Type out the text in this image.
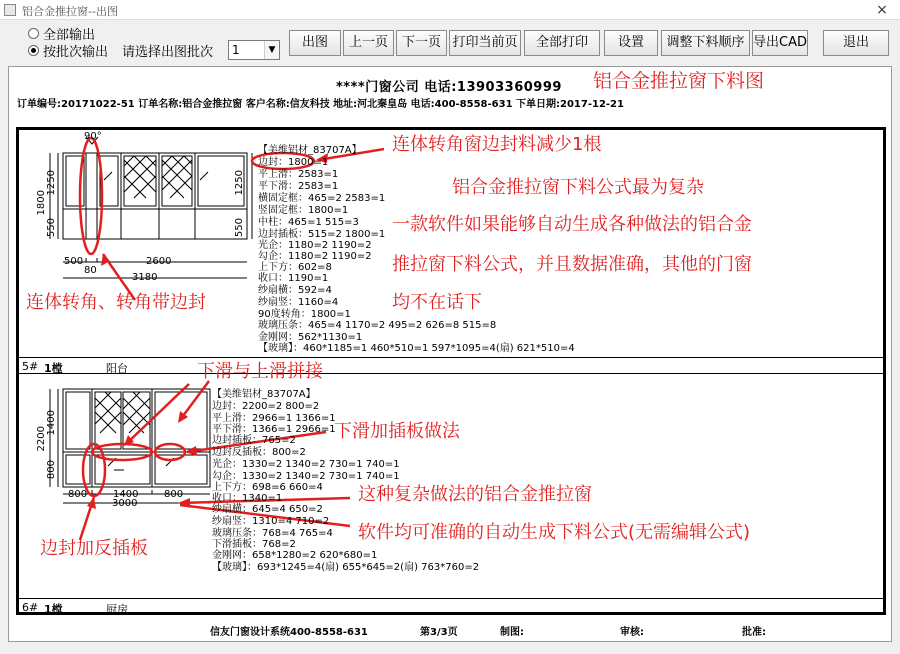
铝合金推拉窗--出图	×
全部输出
按批次输出 请选择出图批次	1	▼	出图	上一页	下一页 打印当前页	全部打印	设置	调整下料顺序 导出CAD	退出
****门窗公司 电话:13903360999 铝合金推拉窗下料图
订单编号:20171022-51 订单名称:铝合金推拉窗 客户名称:信友科技 地址:河北秦皇岛 电话:400-8558-631 下单日期:2017-12-21
5# 1樘	阳台
6# 1樘	厨房
90°
1800
1250
550
1250
550
500	2600
80
3180
2200
1400
800
800	1400	800
3000
【美维铝材_83707A】
边封：1800=1
平上滑：2583=1
平下滑：2583=1
横固定框：465=2 2583=1
竖固定框：1800=1
中柱：465=1 515=3
边封插板：515=2 1800=1
光企：1180=2 1190=2
勾企：1180=2 1190=2
上下方：602=8
收口：1190=1
纱扇横：592=4
纱扇竖：1160=4
90度转角：1800=1
玻璃压条：465=4 1170=2 495=2 626=8 515=8
金刚网：562*1130=1
【玻璃】：460*1185=1 460*510=1 597*1095=4(扇) 621*510=4
【美维铝材_83707A】
边封：2200=2 800=2
平上滑：2966=1 1366=1
平下滑：1366=1 2966=1
边封插板：765=2
边封反插板：800=2
光企：1330=2 1340=2 730=1 740=1
勾企：1330=2 1340=2 730=1 740=1
上下方：698=6 660=4
收口：1340=1
纱扇横：645=4 650=2
纱扇竖：1310=4 710=2
玻璃压条：768=4 765=4
下滑插板：768=2
金刚网：658*1280=2 620*680=1
【玻璃】：693*1245=4(扇) 655*645=2(扇) 763*760=2
连体转角窗边封料减少1根
铝合金推拉窗下料公式最为复杂
一款软件如果能够自动生成各种做法的铝合金
推拉窗下料公式，并且数据准确，其他的门窗
均不在话下
连体转角、转角带边封
下滑与上滑拼接
下滑加插板做法
这种复杂做法的铝合金推拉窗
软件均可准确的自动生成下料公式(无需编辑公式)
边封加反插板
信友门窗设计系统400-8558-631	第3/3页	制图:	审核:	批准:
